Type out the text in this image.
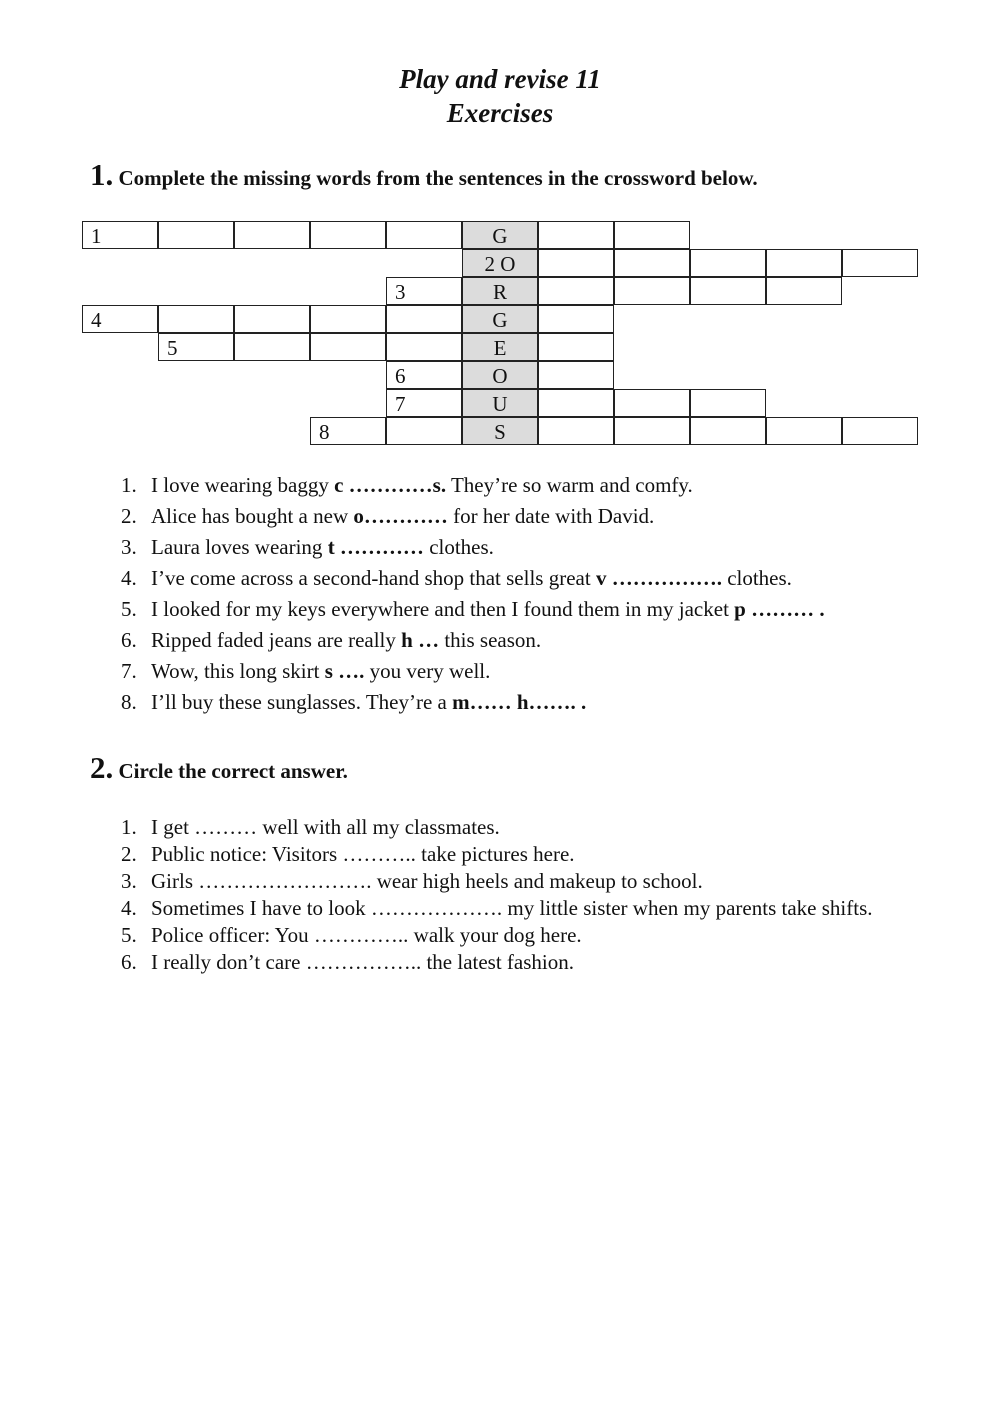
Play and revise 11
Exercises
1. Complete the missing words from the sentences in the crossword below.
1	G
2 O
3	R
4	G
5	E
6	O
7	U
8	S
1. I love wearing baggy c …………s. They’re so warm and comfy.
2. Alice has bought a new o………… for her date with David.
3. Laura loves wearing t ………… clothes.
4. I’ve come across a second-hand shop that sells great v ……………. clothes.
5. I looked for my keys everywhere and then I found them in my jacket p ……… .
6. Ripped faded jeans are really h … this season.
7. Wow, this long skirt s …. you very well.
8. I’ll buy these sunglasses. They’re a m…… h……. .
2. Circle the correct answer.
1. I get ……… well with all my classmates.
2. Public notice: Visitors ……….. take pictures here.
3. Girls ……………………. wear high heels and makeup to school.
4. Sometimes I have to look ………………. my little sister when my parents take shifts.
5. Police officer: You ………….. walk your dog here.
6. I really don’t care …………….. the latest fashion.
